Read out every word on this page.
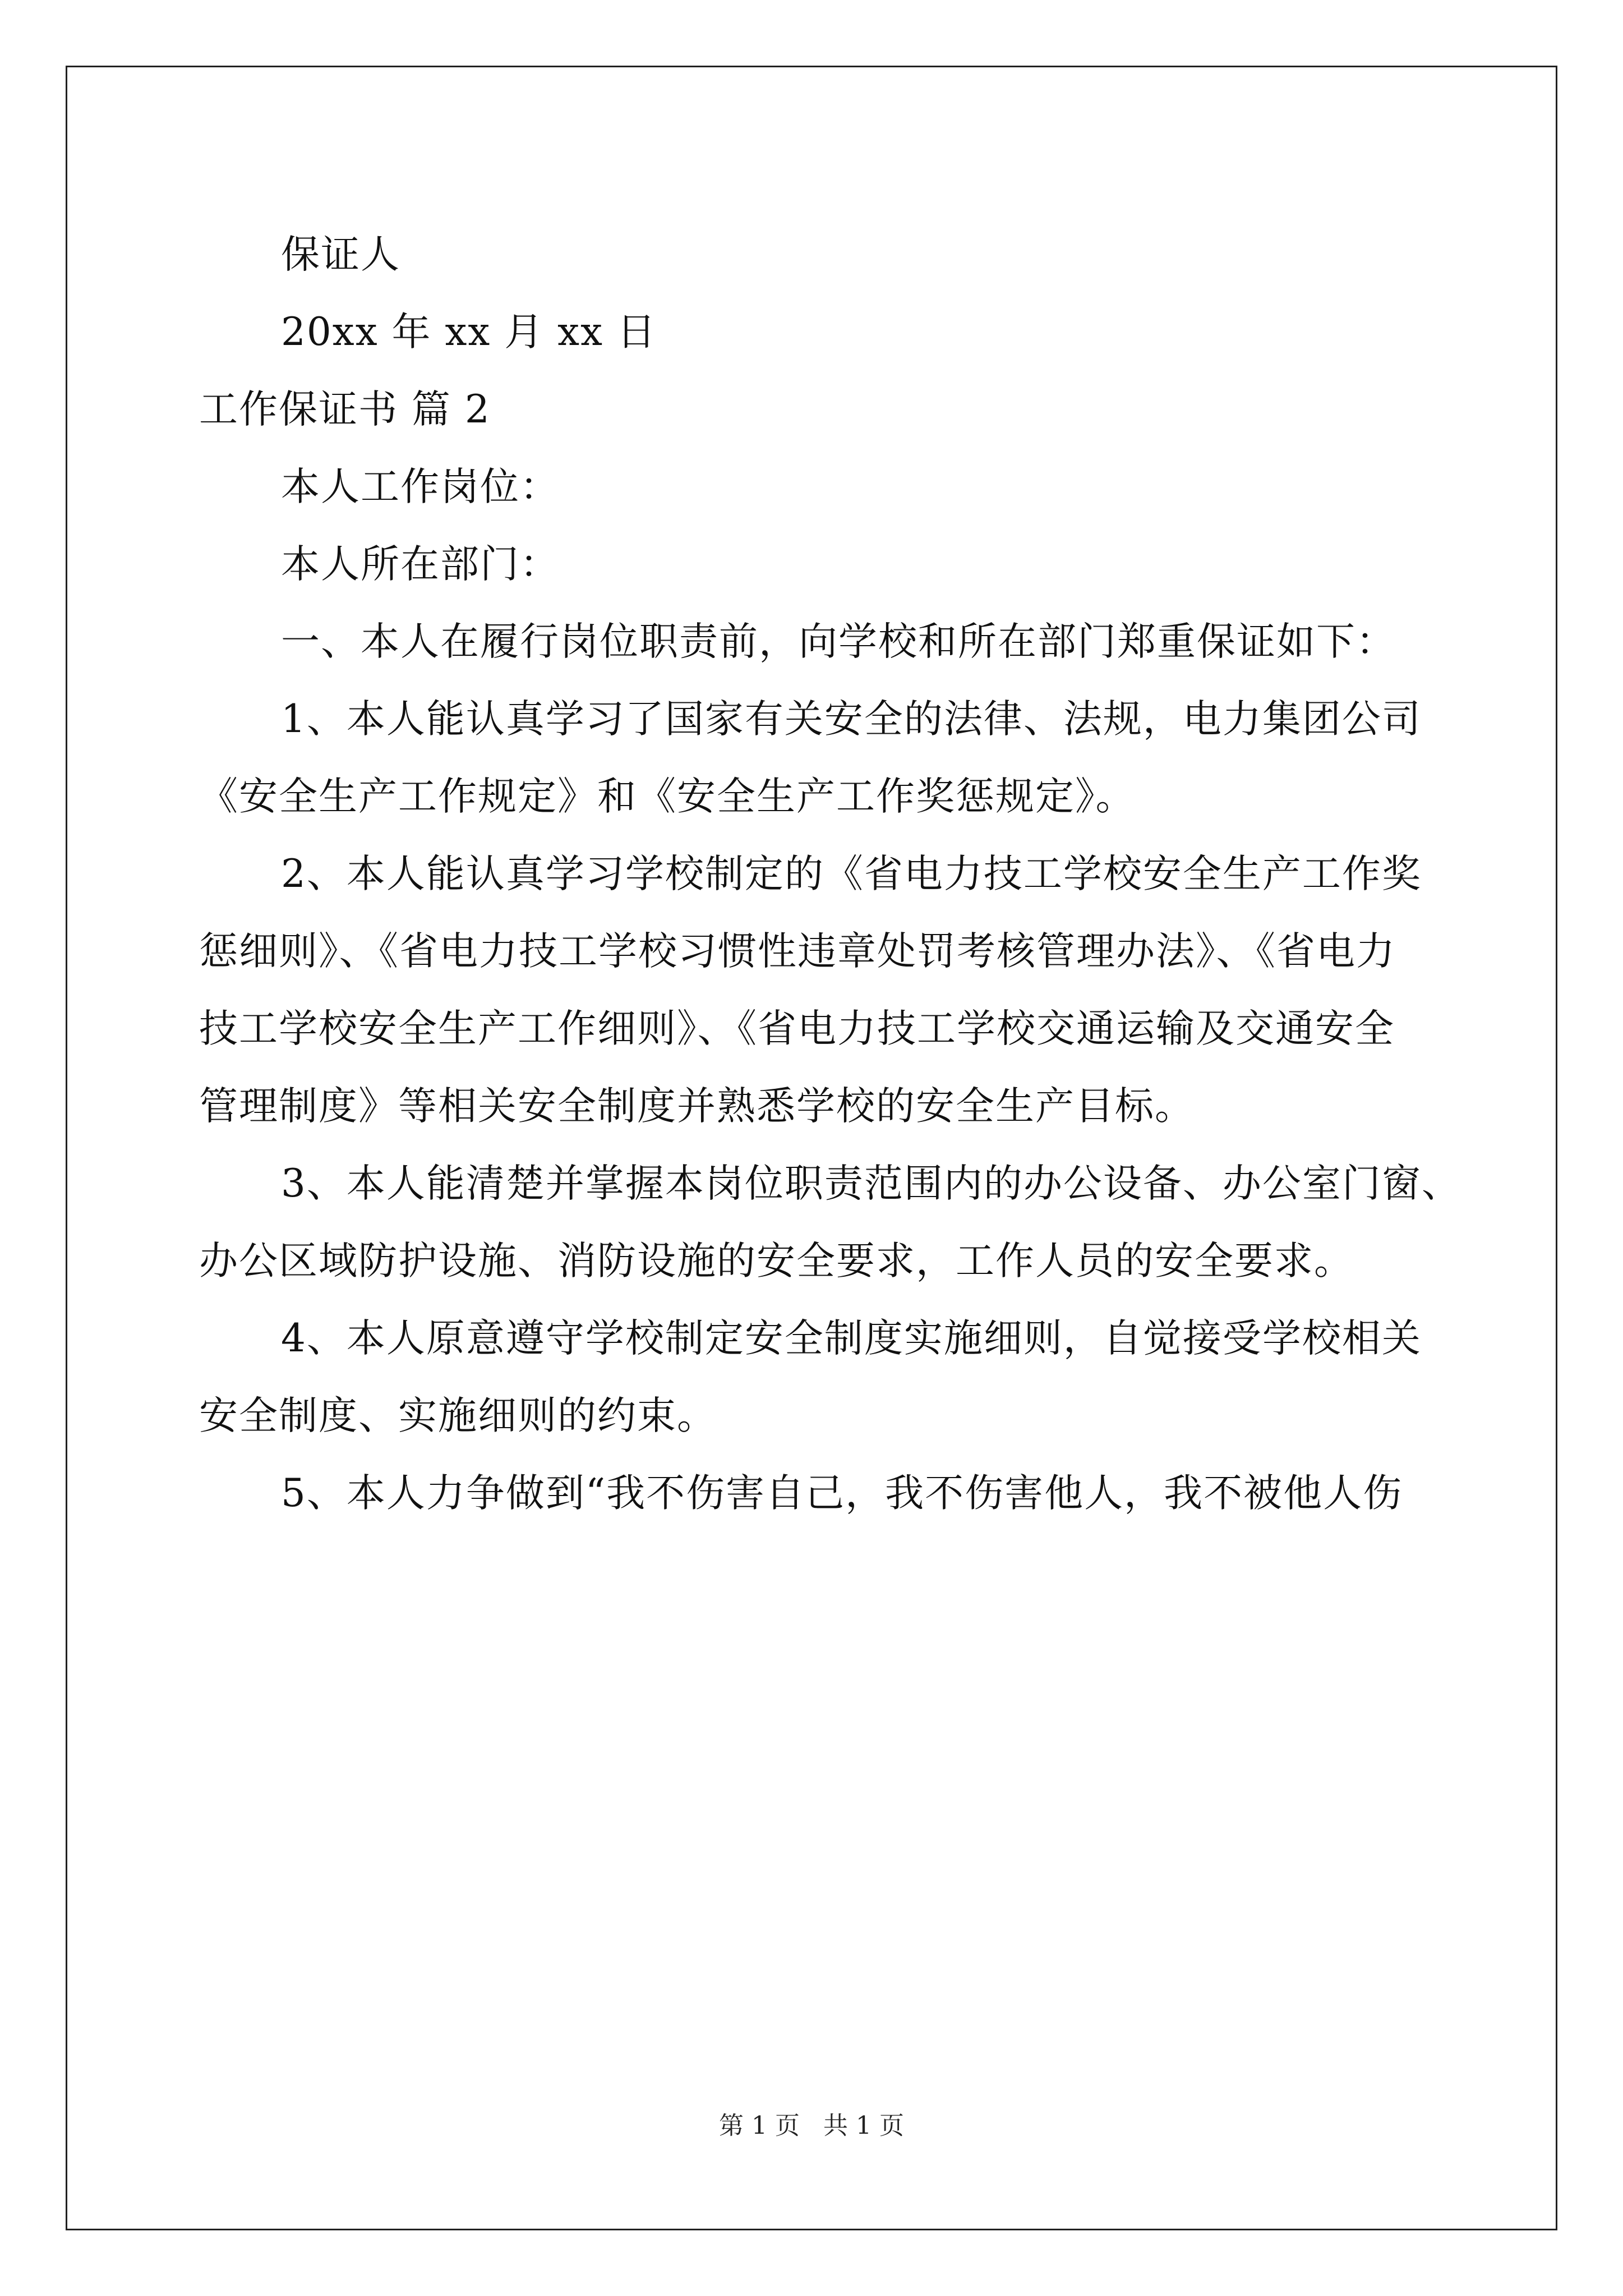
保证人
20xx 年 xx 月 xx 日
工作保证书 篇 2
本人工作岗位：
本人所在部门：
一、本人在履行岗位职责前，向学校和所在部门郑重保证如下：
1、本人能认真学习了国家有关安全的法律、法规，电力集团公司
《安全生产工作规定》和《安全生产工作奖惩规定》。
2、本人能认真学习学校制定的《省电力技工学校安全生产工作奖
惩细则》、《省电力技工学校习惯性违章处罚考核管理办法》、《省电力
技工学校安全生产工作细则》、《省电力技工学校交通运输及交通安全
管理制度》等相关安全制度并熟悉学校的安全生产目标。
3、本人能清楚并掌握本岗位职责范围内的办公设备、办公室门窗、
办公区域防护设施、消防设施的安全要求，工作人员的安全要求。
4、本人原意遵守学校制定安全制度实施细则，自觉接受学校相关
安全制度、实施细则的约束。
5、本人力争做到“我不伤害自己，我不伤害他人，我不被他人伤
第 1 页 共 1 页
